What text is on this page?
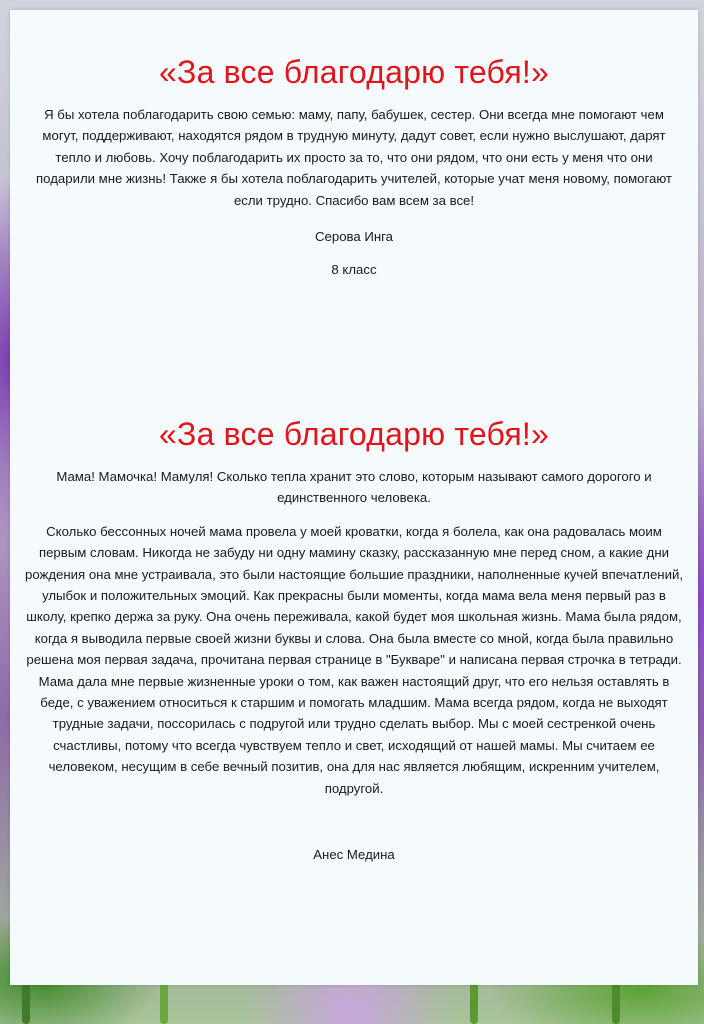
«За все благодарю тебя!»

Я бы хотела поблагодарить свою семью: маму, папу, бабушек, сестер. Они всегда мне помогают чем могут, поддерживают, находятся рядом в трудную минуту, дадут совет, если нужно выслушают, дарят тепло и любовь. Хочу поблагодарить их просто за то, что они рядом, что они есть у меня что они подарили мне жизнь! Также я бы хотела поблагодарить учителей, которые учат меня новому, помогают если трудно. Спасибо вам всем за все!

Серова Инга

8 класс

«За все благодарю тебя!»

Мама! Мамочка! Мамуля! Сколько тепла хранит это слово, которым называют самого дорогого и единственного человека.

Сколько бессонных ночей мама провела у моей кроватки, когда я болела, как она радовалась моим первым словам. Никогда не забуду ни одну мамину сказку, рассказанную мне перед сном, а какие дни рождения она мне устраивала, это были настоящие большие праздники, наполненные кучей впечатлений, улыбок и положительных эмоций. Как прекрасны были моменты, когда мама вела меня первый раз в школу, крепко держа за руку. Она очень переживала, какой будет моя школьная жизнь. Мама была рядом, когда я выводила первые своей жизни буквы и слова. Она была вместе со мной, когда была правильно решена моя первая задача, прочитана первая странице в "Букваре" и написана первая строчка в тетради. Мама дала мне первые жизненные уроки о том, как важен настоящий друг, что его нельзя оставлять в беде, с уважением относиться к старшим и помогать младшим. Мама всегда рядом, когда не выходят трудные задачи, поссорилась с подругой или трудно сделать выбор. Мы с моей сестренкой очень счастливы, потому что всегда чувствуем тепло и свет, исходящий от нашей мамы. Мы считаем ее человеком, несущим в себе вечный позитив, она для нас является любящим, искренним учителем, подругой.

Анес Медина
